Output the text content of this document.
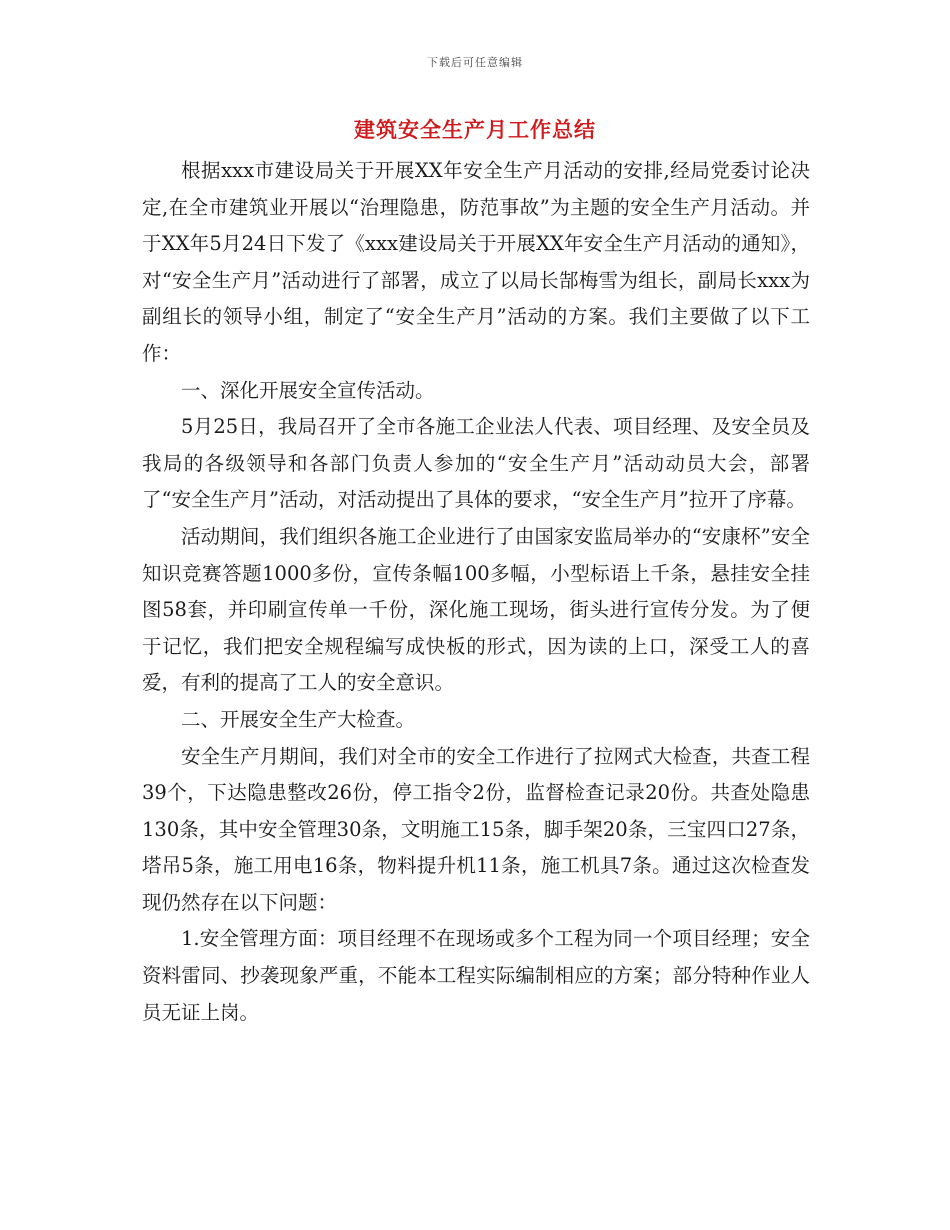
下载后可任意编辑
建筑安全生产月工作总结

根据xxx市建设局关于开展XX年安全生产月活动的安排,经局党委讨论决定,在全市建筑业开展以“治理隐患，防范事故”为主题的安全生产月活动。并于XX年5月24日下发了《xxx建设局关于开展XX年安全生产月活动的通知》，对“安全生产月”活动进行了部署，成立了以局长郜梅雪为组长，副局长xxx为副组长的领导小组，制定了“安全生产月”活动的方案。我们主要做了以下工作：

一、深化开展安全宣传活动。

5月25日，我局召开了全市各施工企业法人代表、项目经理、及安全员及我局的各级领导和各部门负责人参加的“安全生产月”活动动员大会，部署了“安全生产月”活动，对活动提出了具体的要求，“安全生产月”拉开了序幕。

活动期间，我们组织各施工企业进行了由国家安监局举办的“安康杯”安全知识竞赛答题1000多份，宣传条幅100多幅，小型标语上千条，悬挂安全挂图58套，并印刷宣传单一千份，深化施工现场，街头进行宣传分发。为了便于记忆，我们把安全规程编写成快板的形式，因为读的上口，深受工人的喜爱，有利的提高了工人的安全意识。

二、开展安全生产大检查。

安全生产月期间，我们对全市的安全工作进行了拉网式大检查，共查工程39个，下达隐患整改26份，停工指令2份，监督检查记录20份。共查处隐患130条，其中安全管理30条，文明施工15条，脚手架20条，三宝四口27条，塔吊5条，施工用电16条，物料提升机11条，施工机具7条。通过这次检查发现仍然存在以下问题：

1.安全管理方面：项目经理不在现场或多个工程为同一个项目经理；安全资料雷同、抄袭现象严重，不能本工程实际编制相应的方案；部分特种作业人员无证上岗。
